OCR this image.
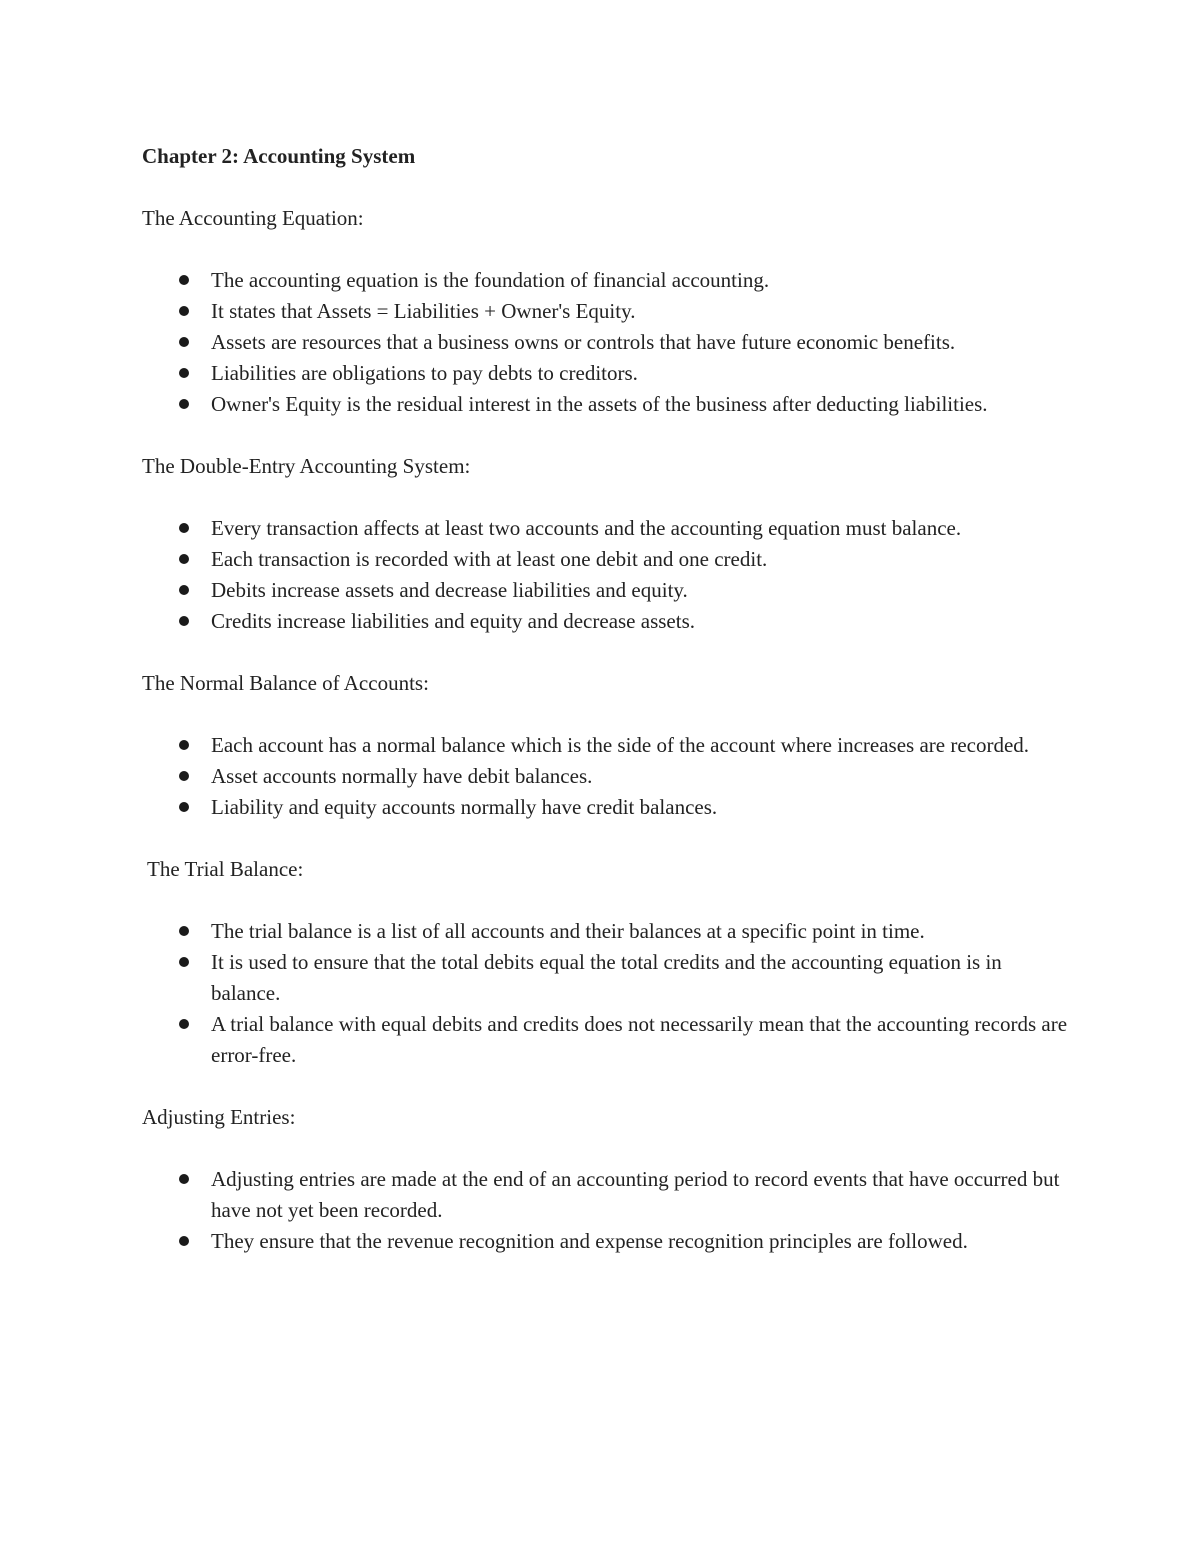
Chapter 2: Accounting System
The Accounting Equation:
The accounting equation is the foundation of financial accounting.
It states that Assets = Liabilities + Owner's Equity.
Assets are resources that a business owns or controls that have future economic benefits.
Liabilities are obligations to pay debts to creditors.
Owner's Equity is the residual interest in the assets of the business after deducting liabilities.
The Double-Entry Accounting System:
Every transaction affects at least two accounts and the accounting equation must balance.
Each transaction is recorded with at least one debit and one credit.
Debits increase assets and decrease liabilities and equity.
Credits increase liabilities and equity and decrease assets.
The Normal Balance of Accounts:
Each account has a normal balance which is the side of the account where increases are recorded.
Asset accounts normally have debit balances.
Liability and equity accounts normally have credit balances.
The Trial Balance:
The trial balance is a list of all accounts and their balances at a specific point in time.
It is used to ensure that the total debits equal the total credits and the accounting equation is in balance.
A trial balance with equal debits and credits does not necessarily mean that the accounting records are error-free.
Adjusting Entries:
Adjusting entries are made at the end of an accounting period to record events that have occurred but have not yet been recorded.
They ensure that the revenue recognition and expense recognition principles are followed.
